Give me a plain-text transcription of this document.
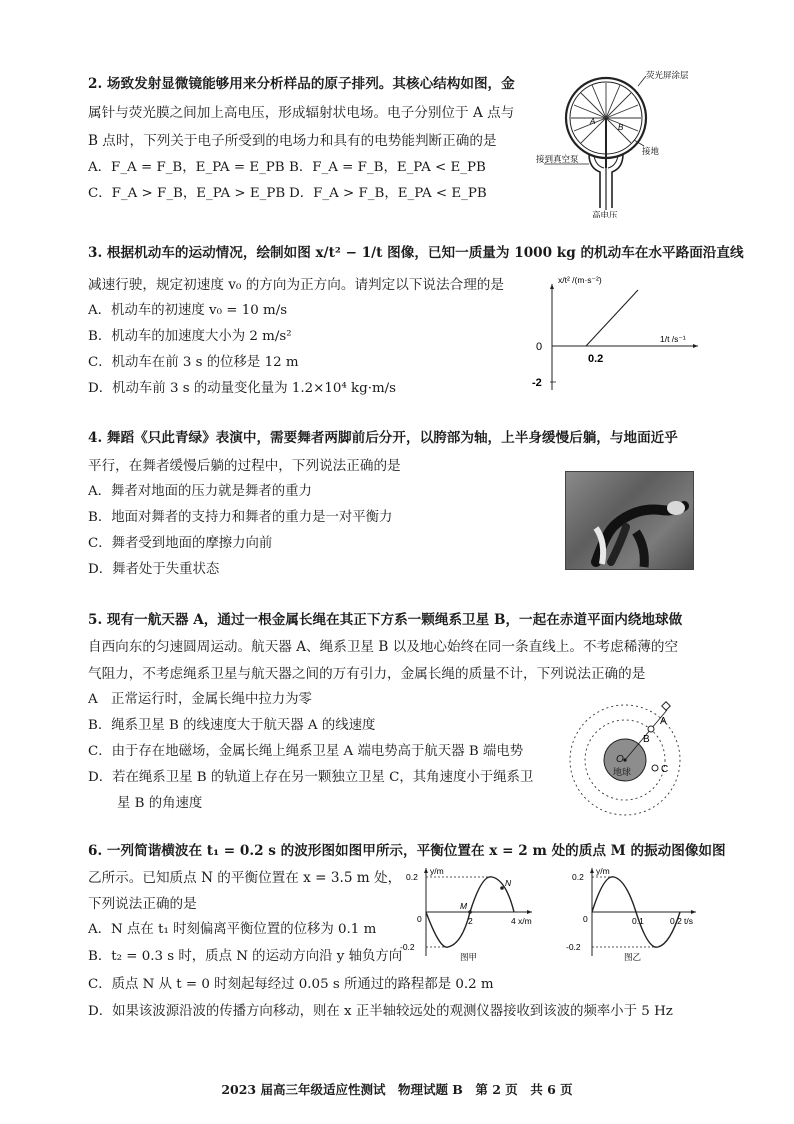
2. 场致发射显微镜能够用来分析样品的原子排列。其核心结构如图，金
属针与荧光膜之间加上高电压，形成辐射状电场。电子分别位于 A 点与
B 点时，下列关于电子所受到的电场力和具有的电势能判断正确的是
A．F_A = F_B，E_PA = E_PB B．F_A = F_B，E_PA < E_PB
C．F_A > F_B，E_PA > E_PB D．F_A > F_B，E_PA < E_PB
A
B
荧光屏涂层
接地
接到真空泵
高电压
3. 根据机动车的运动情况，绘制如图 x/t² − 1/t 图像，已知一质量为 1000 kg 的机动车在水平路面沿直线
减速行驶，规定初速度 v₀ 的方向为正方向。请判定以下说法合理的是
A．机动车的初速度 v₀ = 10 m/s
B．机动车的加速度大小为 2 m/s²
C．机动车在前 3 s 的位移是 12 m
D．机动车前 3 s 的动量变化量为 1.2×10⁴ kg·m/s
x/t² /(m·s⁻²)
1/t /s⁻¹
0
0.2
-2
4. 舞蹈《只此青绿》表演中，需要舞者两脚前后分开，以胯部为轴，上半身缓慢后躺，与地面近乎
平行，在舞者缓慢后躺的过程中，下列说法正确的是
A．舞者对地面的压力就是舞者的重力
B．地面对舞者的支持力和舞者的重力是一对平衡力
C．舞者受到地面的摩擦力向前
D．舞者处于失重状态
5. 现有一航天器 A，通过一根金属长绳在其正下方系一颗绳系卫星 B，一起在赤道平面内绕地球做
自西向东的匀速圆周运动。航天器 A、绳系卫星 B 以及地心始终在同一条直线上。不考虑稀薄的空
气阻力，不考虑绳系卫星与航天器之间的万有引力，金属长绳的质量不计，下列说法正确的是
A　正常运行时，金属长绳中拉力为零
B．绳系卫星 B 的线速度大于航天器 A 的线速度
C．由于存在地磁场，金属长绳上绳系卫星 A 端电势高于航天器 B 端电势
D．若在绳系卫星 B 的轨道上存在另一颗独立卫星 C，其角速度小于绳系卫
星 B 的角速度
A
B
C
O
地球
6. 一列简谐横波在 t₁ = 0.2 s 的波形图如图甲所示，平衡位置在 x = 2 m 处的质点 M 的振动图像如图
乙所示。已知质点 N 的平衡位置在 x = 3.5 m 处，
下列说法正确的是
A．N 点在 t₁ 时刻偏离平衡位置的位移为 0.1 m
B．t₂ = 0.3 s 时，质点 N 的运动方向沿 y 轴负方向
C．质点 N 从 t = 0 时刻起每经过 0.05 s 所通过的路程都是 0.2 m
D．如果该波源沿波的传播方向移动，则在 x 正半轴较远处的观测仪器接收到该波的频率小于 5 Hz
y/m
x/m
0.2
-0.2
0	2	4
M
N
图甲
y/m
t/s
0.2
-0.2
0	0.1	0.2
图乙
2023 届高三年级适应性测试　物理试题 B　第 2 页　共 6 页
